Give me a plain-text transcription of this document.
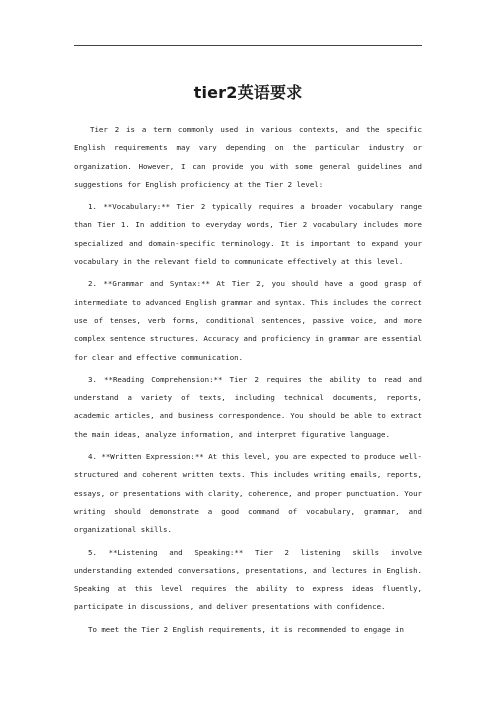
tier2英语要求

Tier 2 is a term commonly used in various contexts, and the specific English requirements may vary depending on the particular industry or organization. However, I can provide you with some general guidelines and suggestions for English proficiency at the Tier 2 level:

1. **Vocabulary:** Tier 2 typically requires a broader vocabulary range than Tier 1. In addition to everyday words, Tier 2 vocabulary includes more specialized and domain-specific terminology. It is important to expand your vocabulary in the relevant field to communicate effectively at this level.

2. **Grammar and Syntax:** At Tier 2, you should have a good grasp of intermediate to advanced English grammar and syntax. This includes the correct use of tenses, verb forms, conditional sentences, passive voice, and more complex sentence structures. Accuracy and proficiency in grammar are essential for clear and effective communication.

3. **Reading Comprehension:** Tier 2 requires the ability to read and understand a variety of texts, including technical documents, reports, academic articles, and business correspondence. You should be able to extract the main ideas, analyze information, and interpret figurative language.

4. **Written Expression:** At this level, you are expected to produce well-structured and coherent written texts. This includes writing emails, reports, essays, or presentations with clarity, coherence, and proper punctuation. Your writing should demonstrate a good command of vocabulary, grammar, and organizational skills.

5. **Listening and Speaking:** Tier 2 listening skills involve understanding extended conversations, presentations, and lectures in English. Speaking at this level requires the ability to express ideas fluently, participate in discussions, and deliver presentations with confidence.

To meet the Tier 2 English requirements, it is recommended to engage in
